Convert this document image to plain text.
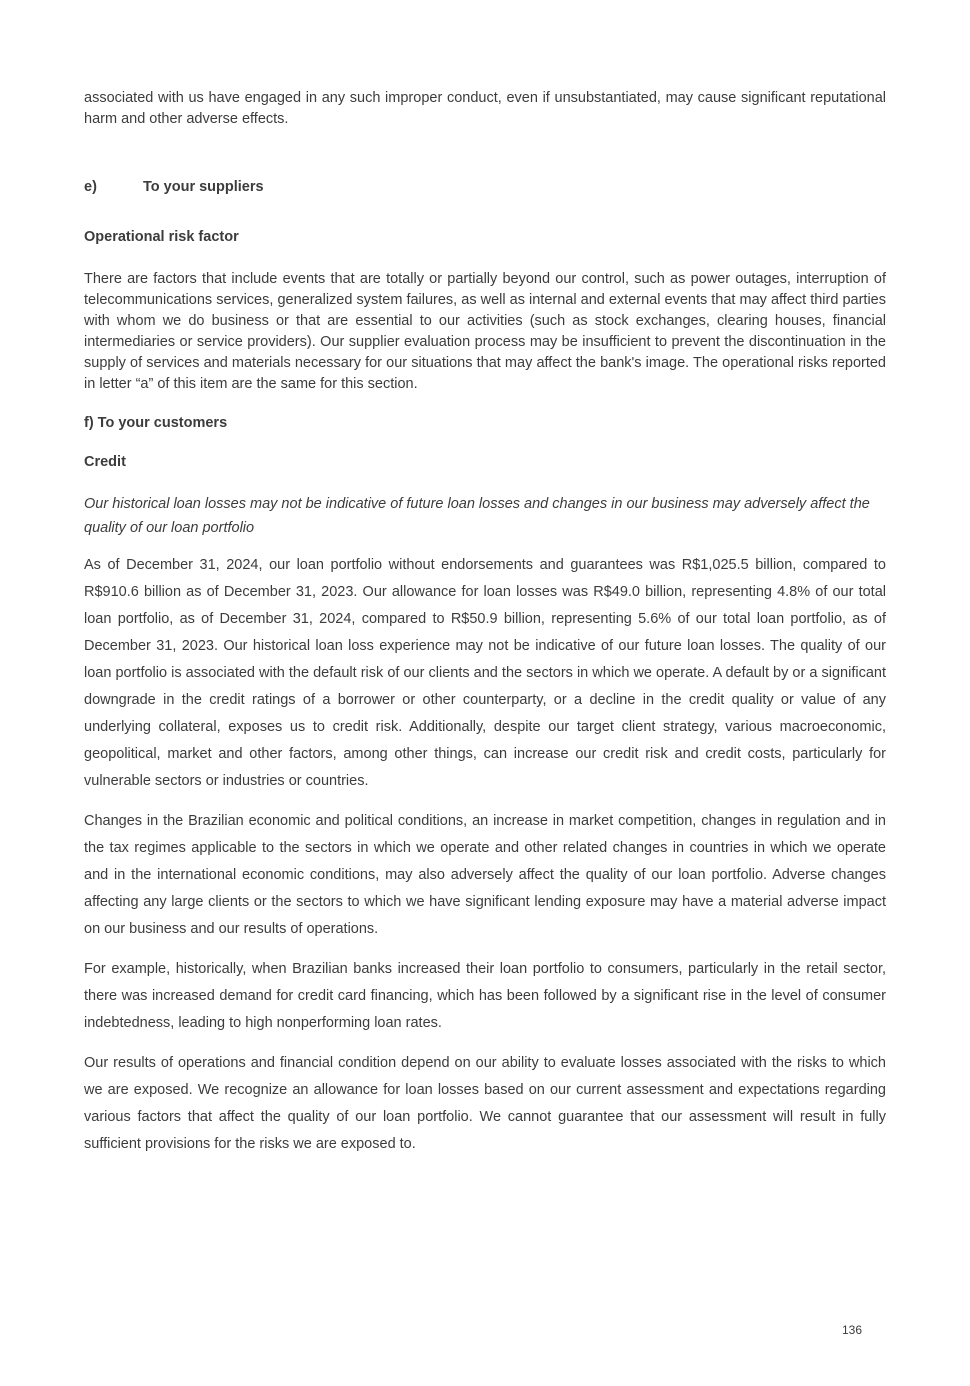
associated with us have engaged in any such improper conduct, even if unsubstantiated, may cause significant reputational harm and other adverse effects.

e)	To your suppliers

Operational risk factor

There are factors that include events that are totally or partially beyond our control, such as power outages, interruption of telecommunications services, generalized system failures, as well as internal and external events that may affect third parties with whom we do business or that are essential to our activities (such as stock exchanges, clearing houses, financial intermediaries or service providers). Our supplier evaluation process may be insufficient to prevent the discontinuation in the supply of services and materials necessary for our situations that may affect the bank's image. The operational risks reported in letter “a” of this item are the same for this section.

f) To your customers

Credit

Our historical loan losses may not be indicative of future loan losses and changes in our business may adversely affect the quality of our loan portfolio

As of December 31, 2024, our loan portfolio without endorsements and guarantees was R$1,025.5 billion, compared to R$910.6 billion as of December 31, 2023. Our allowance for loan losses was R$49.0 billion, representing 4.8% of our total loan portfolio, as of December 31, 2024, compared to R$50.9 billion, representing 5.6% of our total loan portfolio, as of December 31, 2023. Our historical loan loss experience may not be indicative of our future loan losses. The quality of our loan portfolio is associated with the default risk of our clients and the sectors in which we operate. A default by or a significant downgrade in the credit ratings of a borrower or other counterparty, or a decline in the credit quality or value of any underlying collateral, exposes us to credit risk. Additionally, despite our target client strategy, various macroeconomic, geopolitical, market and other factors, among other things, can increase our credit risk and credit costs, particularly for vulnerable sectors or industries or countries.

Changes in the Brazilian economic and political conditions, an increase in market competition, changes in regulation and in the tax regimes applicable to the sectors in which we operate and other related changes in countries in which we operate and in the international economic conditions, may also adversely affect the quality of our loan portfolio. Adverse changes affecting any large clients or the sectors to which we have significant lending exposure may have a material adverse impact on our business and our results of operations.

For example, historically, when Brazilian banks increased their loan portfolio to consumers, particularly in the retail sector, there was increased demand for credit card financing, which has been followed by a significant rise in the level of consumer indebtedness, leading to high nonperforming loan rates.

Our results of operations and financial condition depend on our ability to evaluate losses associated with the risks to which we are exposed. We recognize an allowance for loan losses based on our current assessment and expectations regarding various factors that affect the quality of our loan portfolio. We cannot guarantee that our assessment will result in fully sufficient provisions for the risks we are exposed to.

136
